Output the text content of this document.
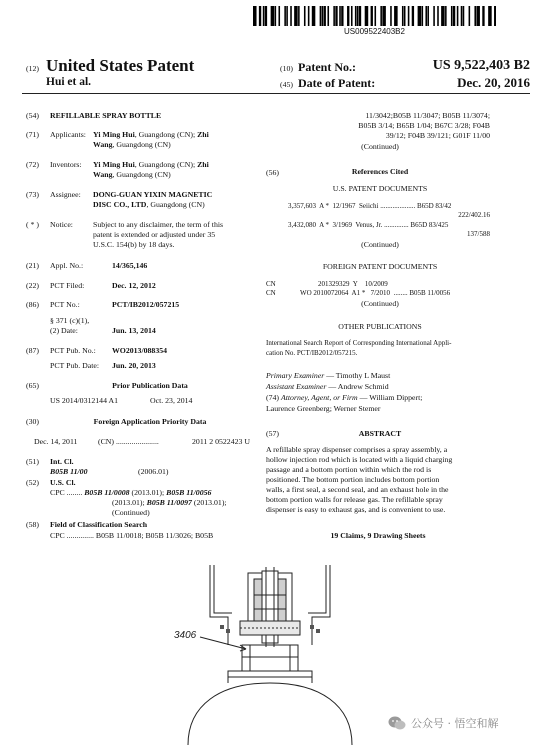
US009522403B2
(12) United States Patent
Hui et al.
(10) Patent No.:	US 9,522,403 B2
(45) Date of Patent:	Dec. 20, 2016
(54) REFILLABLE SPRAY BOTTLE
(71) Applicants: Yi Ming Hui, Guangdong (CN); Zhi
Wang, Guangdong (CN)
(72) Inventors: Yi Ming Hui, Guangdong (CN); Zhi
Wang, Guangdong (CN)
(73) Assignee: DONG-GUAN YIXIN MAGNETIC
DISC CO., LTD, Guangdong (CN)
( * ) Notice:	Subject to any disclaimer, the term of this
patent is extended or adjusted under 35
U.S.C. 154(b) by 18 days.
(21) Appl. No.:	14/365,146
(22) PCT Filed:	Dec. 12, 2012
(86) PCT No.:	PCT/IB2012/057215
§ 371 (c)(1),
(2) Date:	Jun. 13, 2014
(87) PCT Pub. No.: WO2013/088354
PCT Pub. Date: Jun. 20, 2013
(65)	Prior Publication Data
US 2014/0312144 A1	Oct. 23, 2014
(30)	Foreign Application Priority Data
Dec. 14, 2011	(CN) ......................	2011 2 0522423 U
(51) Int. Cl.
B05B 11/00	(2006.01)
(52) U.S. Cl.
CPC ........ B05B 11/0008 (2013.01); B05B 11/0056
(2013.01); B05B 11/0097 (2013.01);
(Continued)
(58) Field of Classification Search
CPC .............. B05B 11/0018; B05B 11/3026; B05B
11/3042;B05B 11/3047; B05B 11/3074;
B05B 3/14; B65B 1/04; B67C 3/28; F04B
39/12; F04B 39/121; G01F 11/00
(Continued)
(56)	References Cited
U.S. PATENT DOCUMENTS
3,357,603 A * 12/1967 Seiichi .................... B65D 83/42
222/402.16
3,432,080 A * 3/1969 Venus, Jr. .............. B65D 83/425
137/588
(Continued)
FOREIGN PATENT DOCUMENTS
CN	201329329 Y 10/2009
CN	WO 2010072064 A1 * 7/2010 ........ B05B 11/0056
(Continued)
OTHER PUBLICATIONS
International Search Report of Corresponding International Appli-
cation No. PCT/IB2012/057215.
Primary Examiner — Timothy L Maust
Assistant Examiner — Andrew Schmid
(74) Attorney, Agent, or Firm — William Dippert;
Laurence Greenberg; Werner Stemer
(57)	ABSTRACT
A refillable spray dispenser comprises a spray assembly, a
hollow injection rod which is located with a liquid charging
passage and a bottom portion within which the rod is
positioned. The bottom portion includes bottom portion
walls, a first seal, a second seal, and an exhaust hole in the
bottom portion walls for release gas. The refillable spray
dispenser is easy to exhaust gas, and is convenient to use.
19 Claims, 9 Drawing Sheets
3406
公众号 · 悟空和解
